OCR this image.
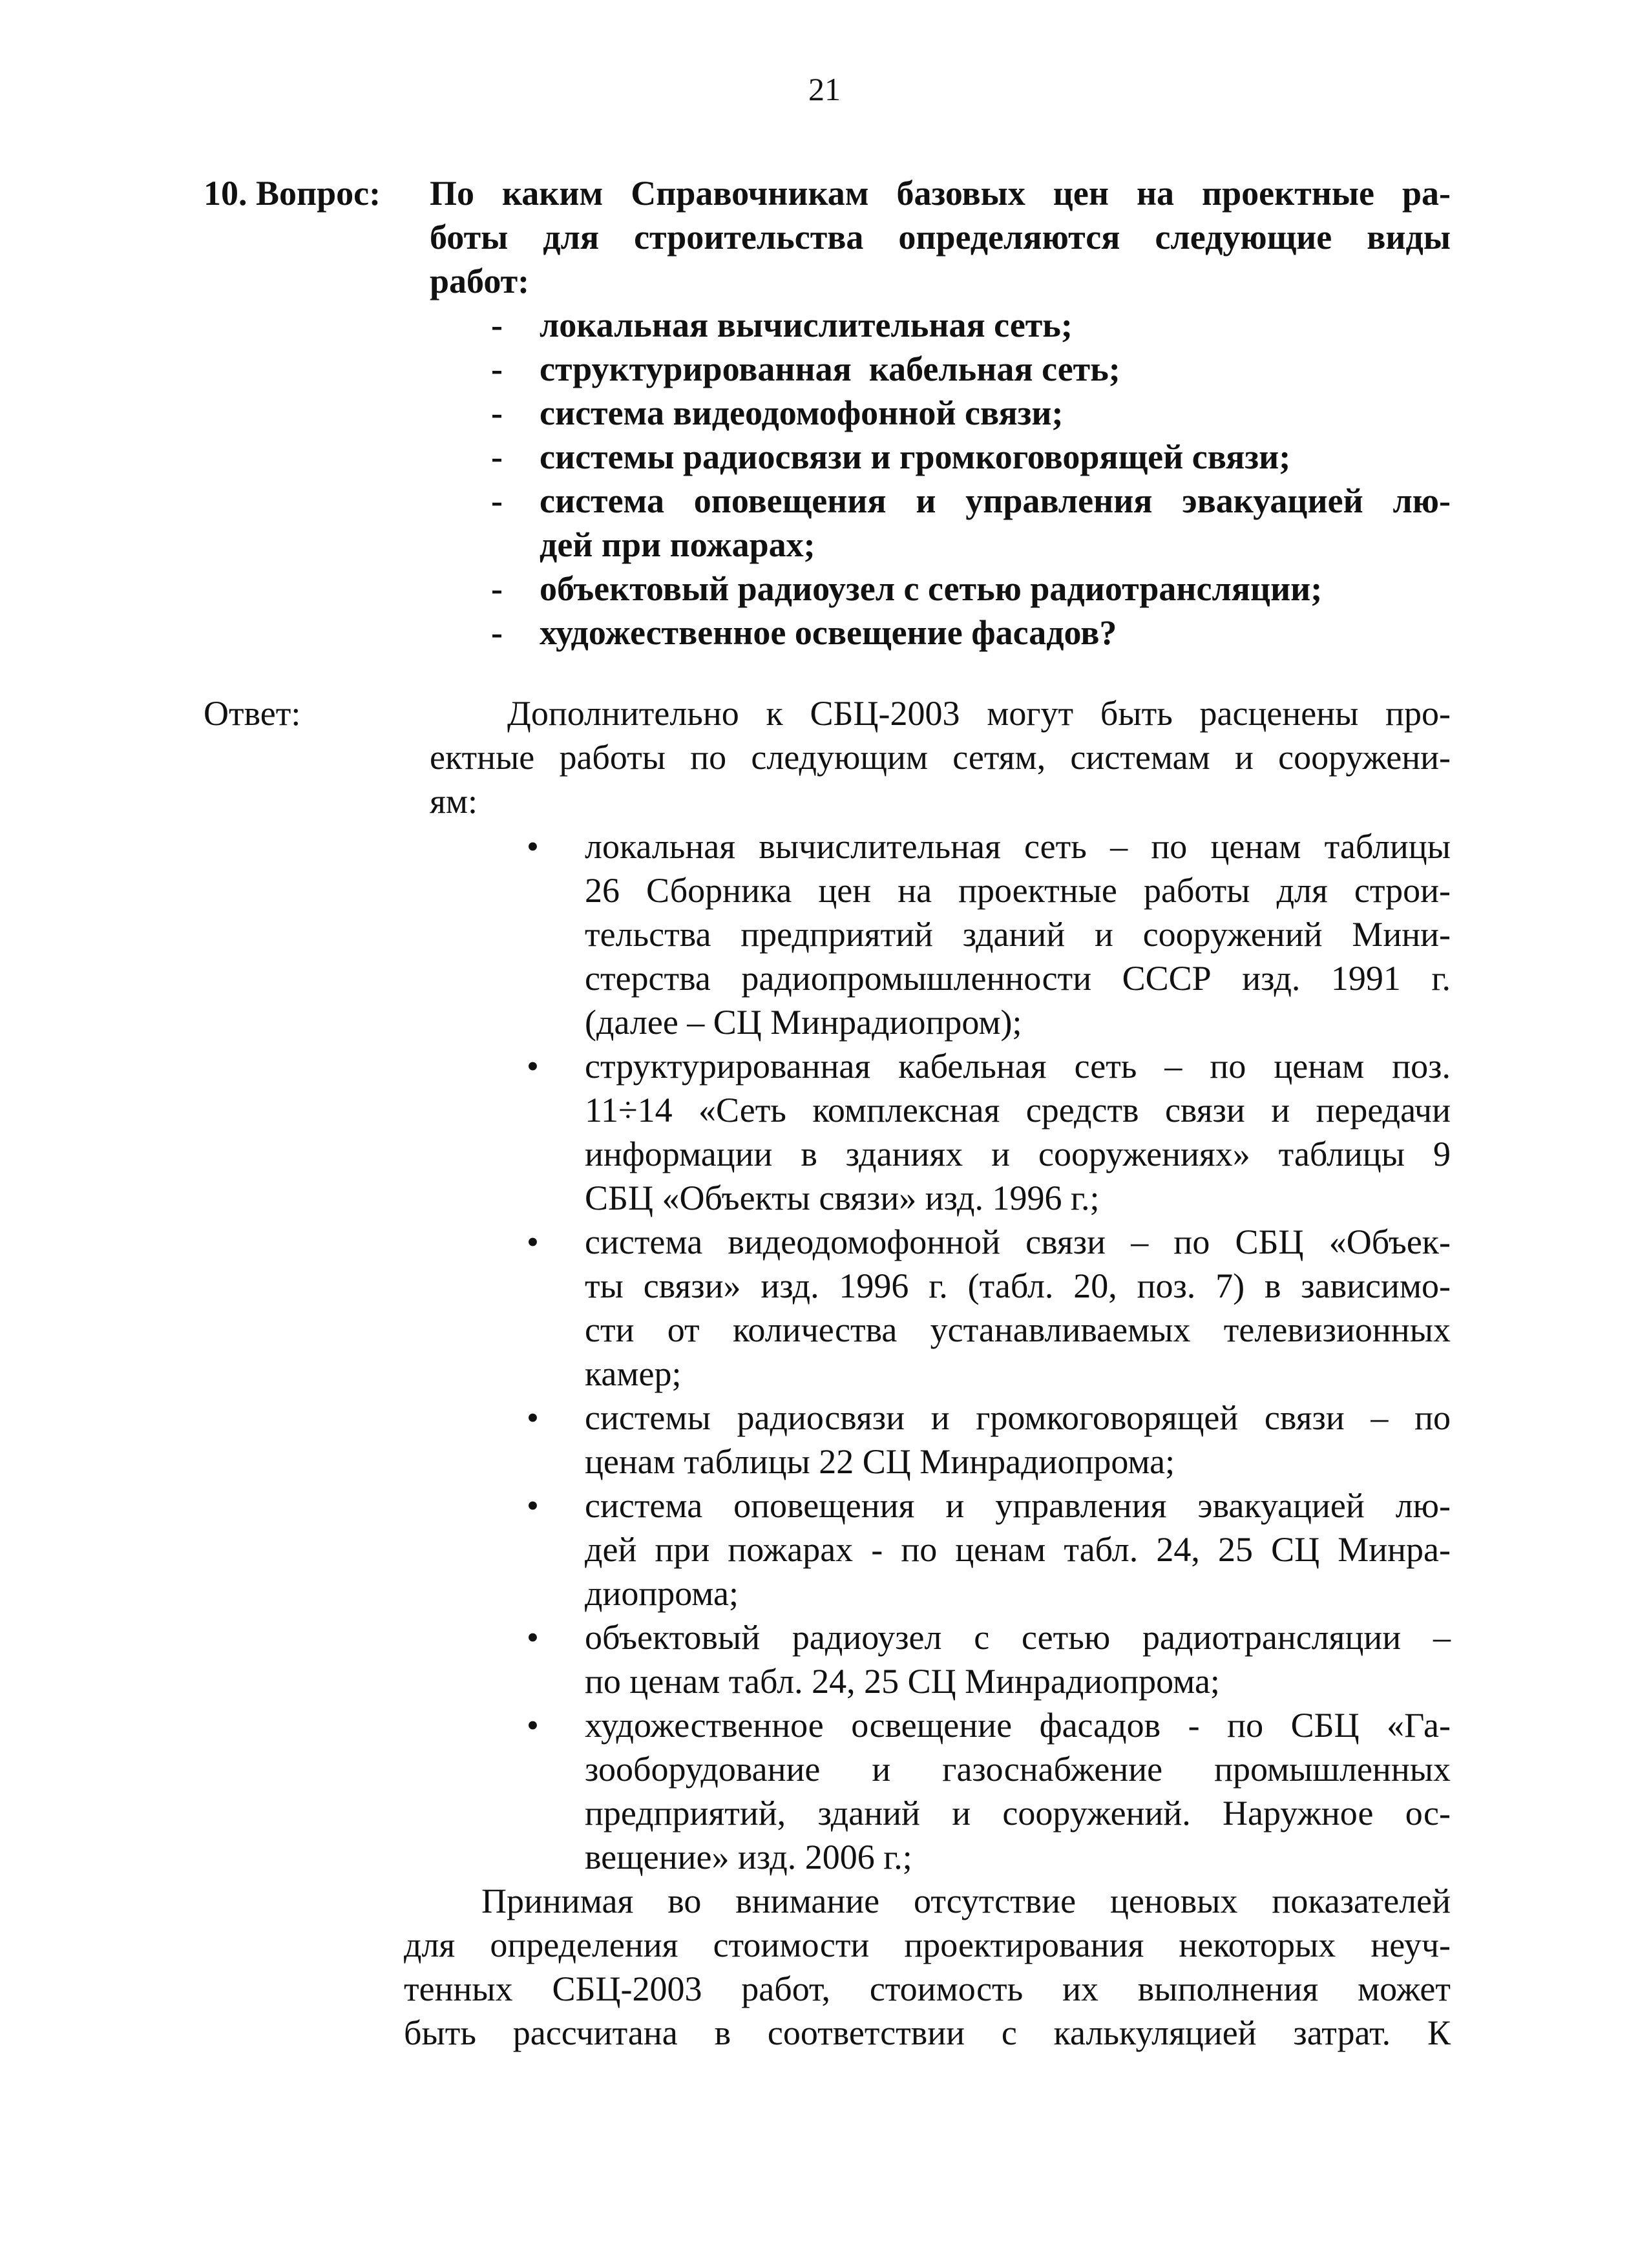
21
10. Вопрос: По каким Справочникам базовых цен на проектные ра-
боты для строительства определяются следующие виды
работ:
- локальная вычислительная сеть;
- структурированная  кабельная сеть;
- система видеодомофонной связи;
- системы радиосвязи и громкоговорящей связи;
- система оповещения и управления эвакуацией лю-
дей при пожарах;
- объектовый радиоузел с сетью радиотрансляции;
- художественное освещение фасадов?
Ответ:	Дополнительно к СБЦ-2003 могут быть расценены про-
ектные работы по следующим сетям, системам и сооружени-
ям:
• локальная вычислительная сеть – по ценам таблицы
26 Сборника цен на проектные работы для строи-
тельства предприятий зданий и сооружений Мини-
стерства радиопромышленности СССР изд. 1991 г.
(далее – СЦ Минрадиопром);
• структурированная кабельная сеть – по ценам поз.
11÷14 «Сеть комплексная средств связи и передачи
информации в зданиях и сооружениях» таблицы 9
СБЦ «Объекты связи» изд. 1996 г.;
• система видеодомофонной связи – по СБЦ «Объек-
ты связи» изд. 1996 г. (табл. 20, поз. 7) в зависимо-
сти от количества устанавливаемых телевизионных
камер;
• системы радиосвязи и громкоговорящей связи – по
ценам таблицы 22 СЦ Минрадиопрома;
• система оповещения и управления эвакуацией лю-
дей при пожарах - по ценам табл. 24, 25 СЦ Минра-
диопрома;
• объектовый радиоузел с сетью радиотрансляции –
по ценам табл. 24, 25 СЦ Минрадиопрома;
• художественное освещение фасадов - по СБЦ «Га-
зооборудование и газоснабжение промышленных
предприятий, зданий и сооружений. Наружное ос-
вещение» изд. 2006 г.;
Принимая во внимание отсутствие ценовых показателей
для определения стоимости проектирования некоторых неуч-
тенных СБЦ-2003 работ, стоимость их выполнения может
быть рассчитана в соответствии с калькуляцией затрат. К
